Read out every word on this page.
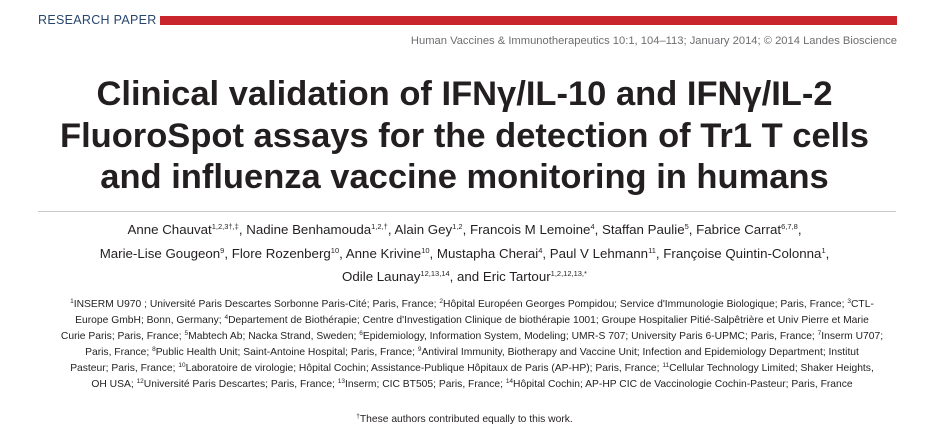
RESEARCH PAPER
Human Vaccines & Immunotherapeutics 10:1, 104–113; January 2014; © 2014 Landes Bioscience
Clinical validation of IFNγ/IL-10 and IFNγ/IL-2
FluoroSpot assays for the detection of Tr1 T cells
and influenza vaccine monitoring in humans
Anne Chauvat$^{1,2,3\dagger,\ddagger}$, Nadine Benhamouda$^{1,2,\dagger}$, Alain Gey$^{1,2}$, Francois M Lemoine$^4$, Staffan Paulie$^5$, Fabrice Carrat$^{6,7,8}$,
Marie-Lise Gougeon$^9$, Flore Rozenberg$^{10}$, Anne Krivine$^{10}$, Mustapha Cherai$^4$, Paul V Lehmann$^{11}$, Françoise Quintin-Colonna$^1$,
Odile Launay$^{12,13,14}$, and Eric Tartour$^{1,2,12,13,*}$
$^1$INSERM U970 ; Université Paris Descartes Sorbonne Paris-Cité; Paris, France; $^2$Hôpital Européen Georges Pompidou; Service d'Immunologie Biologique; Paris, France; $^3$CTL-
Europe GmbH; Bonn, Germany; $^4$Departement de Biothérapie; Centre d'Investigation Clinique de biothérapie 1001; Groupe Hospitalier Pitié-Salpêtrière et Univ Pierre et Marie
Curie Paris; Paris, France; $^5$Mabtech Ab; Nacka Strand, Sweden; $^6$Epidemiology, Information System, Modeling; UMR-S 707; University Paris 6-UPMC; Paris, France; $^7$Inserm U707;
Paris, France; $^8$Public Health Unit; Saint-Antoine Hospital; Paris, France; $^9$Antiviral Immunity, Biotherapy and Vaccine Unit; Infection and Epidemiology Department; Institut
Pasteur; Paris, France; $^{10}$Laboratoire de virologie; Hôpital Cochin; Assistance-Publique Hôpitaux de Paris (AP-HP); Paris, France; $^{11}$Cellular Technology Limited; Shaker Heights,
OH USA; $^{12}$Université Paris Descartes; Paris, France; $^{13}$Inserm; CIC BT505; Paris, France; $^{14}$Hôpital Cochin; AP-HP CIC de Vaccinologie Cochin-Pasteur; Paris, France
†These authors contributed equally to this work.
